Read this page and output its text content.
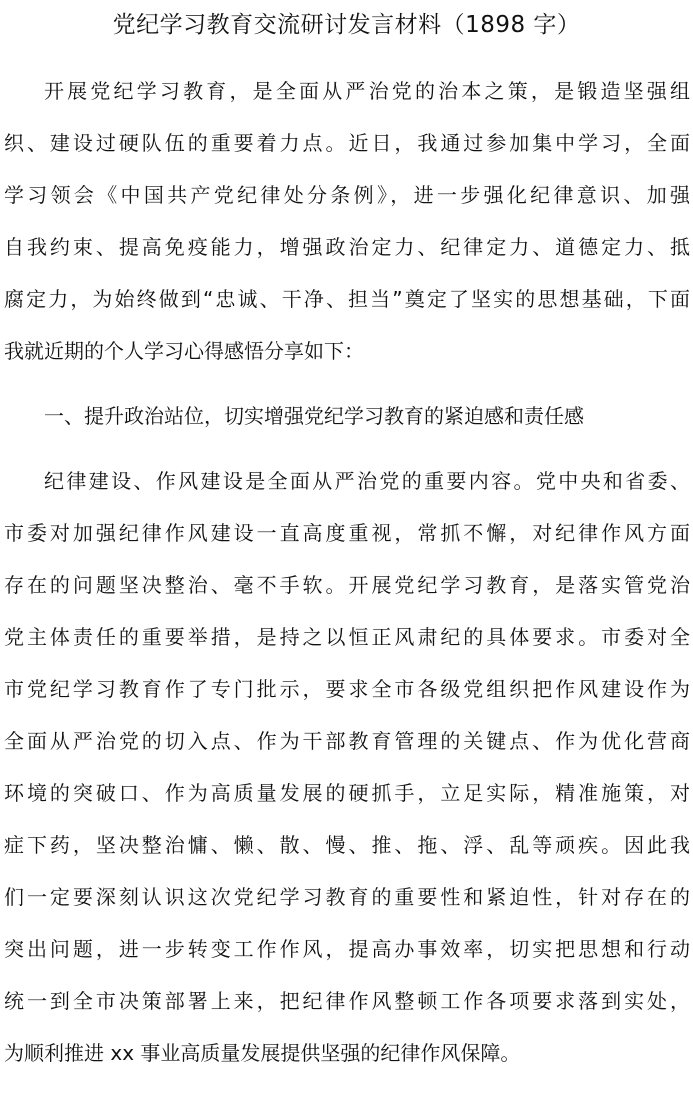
党纪学习教育交流研讨发言材料（1898 字）
开展党纪学习教育，是全面从严治党的治本之策，是锻造坚强组
织、建设过硬队伍的重要着力点。近日，我通过参加集中学习，全面
学习领会《中国共产党纪律处分条例》，进一步强化纪律意识、加强
自我约束、提高免疫能力，增强政治定力、纪律定力、道德定力、抵
腐定力，为始终做到“忠诚、干净、担当”奠定了坚实的思想基础，下面
我就近期的个人学习心得感悟分享如下：
一、提升政治站位，切实增强党纪学习教育的紧迫感和责任感
纪律建设、作风建设是全面从严治党的重要内容。党中央和省委、
市委对加强纪律作风建设一直高度重视，常抓不懈，对纪律作风方面
存在的问题坚决整治、毫不手软。开展党纪学习教育，是落实管党治
党主体责任的重要举措，是持之以恒正风肃纪的具体要求。市委对全
市党纪学习教育作了专门批示，要求全市各级党组织把作风建设作为
全面从严治党的切入点、作为干部教育管理的关键点、作为优化营商
环境的突破口、作为高质量发展的硬抓手，立足实际，精准施策，对
症下药，坚决整治慵、懒、散、慢、推、拖、浮、乱等顽疾。因此我
们一定要深刻认识这次党纪学习教育的重要性和紧迫性，针对存在的
突出问题，进一步转变工作作风，提高办事效率，切实把思想和行动
统一到全市决策部署上来，把纪律作风整顿工作各项要求落到实处，
为顺利推进 xx 事业高质量发展提供坚强的纪律作风保障。
